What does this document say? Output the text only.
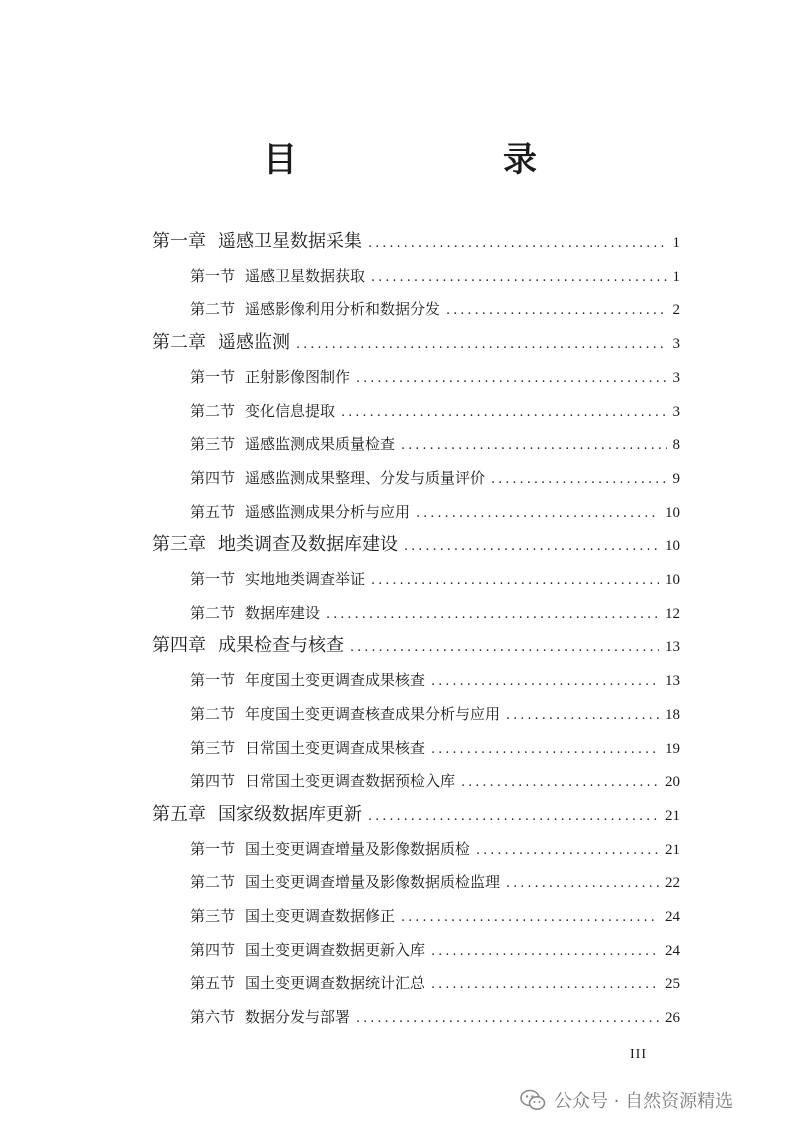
目　　录
第一章 遥感卫星数据采集 .....	1
第一节 遥感卫星数据获取 .....	1
第二节 遥感影像利用分析和数据分发 .....	2
第二章 遥感监测 .....	3
第一节 正射影像图制作 .....	3
第二节 变化信息提取 .....	3
第三节 遥感监测成果质量检查 .....	8
第四节 遥感监测成果整理、分发与质量评价 .....	9
第五节 遥感监测成果分析与应用 .....	10
第三章 地类调查及数据库建设 .....	10
第一节 实地地类调查举证 .....	10
第二节 数据库建设 .....	12
第四章 成果检查与核查 .....	13
第一节 年度国土变更调查成果核查 .....	13
第二节 年度国土变更调查核查成果分析与应用 .....	18
第三节 日常国土变更调查成果核查 .....	19
第四节 日常国土变更调查数据预检入库 .....	20
第五章 国家级数据库更新 .....	21
第一节 国土变更调查增量及影像数据质检 .....	21
第二节 国土变更调查增量及影像数据质检监理 .....	22
第三节 国土变更调查数据修正 .....	24
第四节 国土变更调查数据更新入库 .....	24
第五节 国土变更调查数据统计汇总 .....	25
第六节 数据分发与部署 .....	26
III
公众号 · 自然资源精选
